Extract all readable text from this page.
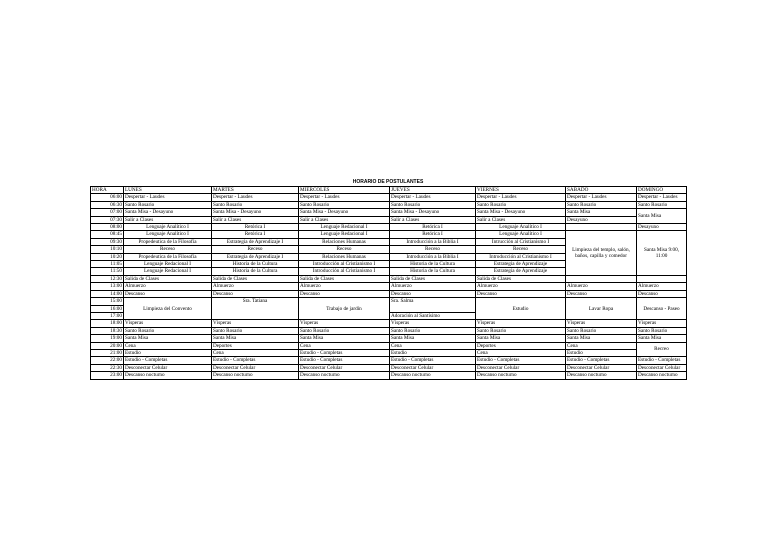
HORARIO DE POSTULANTES
HORA	LUNES	MARTES	MIERCOLES	JUEVES	VIERNES	SABADO	DOMINGO
06:00	Despertar - Laudes	Despertar - Laudes	Despertar - Laudes	Despertar - Laudes	Despertar - Laudes	Despertar - Laudes	Despertar - Laudes
06:30	Santo Rosario	Santo Rosario	Santo Rosario	Santo Rosario	Santo Rosario	Santo Rosario	Santo Rosario
07:00	Santa Misa - Desayuno	Santa Misa - Desayuno	Santa Misa - Desayuno	Santa Misa - Desayuno	Santa Misa - Desayuno	Santa Misa	Santa Misa
07:30	Salir a Clases	Salir a Clases	Salir a Clases	Salir a Clases	Salir a Clases	Desayuno	
08:00	Lenguaje Analítico I	Retórica I	Lenguaje Redacional I	Retórica I	Lenguaje Analítico I		Desayuno
08:45	Lenguaje Analítico I	Retórica I	Lenguaje Redacional I	Retórica I	Lenguaje Analítico I	Limpieza del templo, salón, baños, capilla y comedor	Santa Misa 9:00, 11:00
09:30	Propedeutica de la Filosofía	Estrategia de Aprendizaje I	Relaciones Humanas	Introducción a la Biblia I	Intrucción al Cristianismo I		
10:10	Receso	Receso	Receso	Receso	Receso		
10:20	Propedeutica de la Filosofía	Estrategia de Aprendizaje I	Relaciones Humanas	Introducción a la Biblia I	Introducción al Cristianismo I		
11:05	Lenguaje Redacional I	Historia de la Cultura	Introducción al Cristianismo I	Historia de la Cultura	Estrategia de Aprendizaje		
11:50	Lenguaje Redacional I	Historia de la Cultura	Introducción al Cristianismo I	Historia de la Cultura	Estrategia de Aprendizaje		
12:30	Salida de Clases	Salida de Clases	Salida de Clases	Salida de Clases	Salida de Clases		
13:00	Almuerzo	Almuerzo	Almuerzo	Almuerzo	Almuerzo	Almuerzo	Almuerzo
14:00	Descanso	Descanso	Descanso	Descanso	Descanso	Descanso	Descanso
15:00	Limpieza del Convento	Sra. Tatiana	Trabajo de jardín	Sra. Salma	Estudio	Lavar Ropa	Descanso - Paseo
16:00							
17:00				Adoración al Santísimo			
18:00	Vísperas	Vísperas	Vísperas	Vísperas	Vísperas	Vísperas	Vísperas
18:30	Santo Rosario	Santo Rosario	Santo Rosario	Santo Rosario	Santo Rosario	Santo Rosario	Santo Rosario
19:00	Santa Misa	Santa Misa	Santa Misa	Santa Misa	Santa Misa	Santa Misa	Santa Misa
20:00	Cena	Deportes	Cena	Cena	Deportes	Cena	Recreo
21:00	Estudio	Cena	Estudio - Completas	Estudio	Cena	Estudio	
22:00	Estudio - Completas	Estudio - Completas	Estudio - Completas	Estudio - Completas	Estudio - Completas	Estudio - Completas	Estudio - Completas
22:30	Desconectar Celular	Desconectar Celular	Desconectar Celular	Desconectar Celular	Desconectar Celular	Desconectar Celular	Desconectar Celular
23:00	Descanso nocturno	Descanso nocturno	Descanso nocturno	Descanso nocturno	Descanso nocturno	Descanso nocturno	Descanso nocturno
